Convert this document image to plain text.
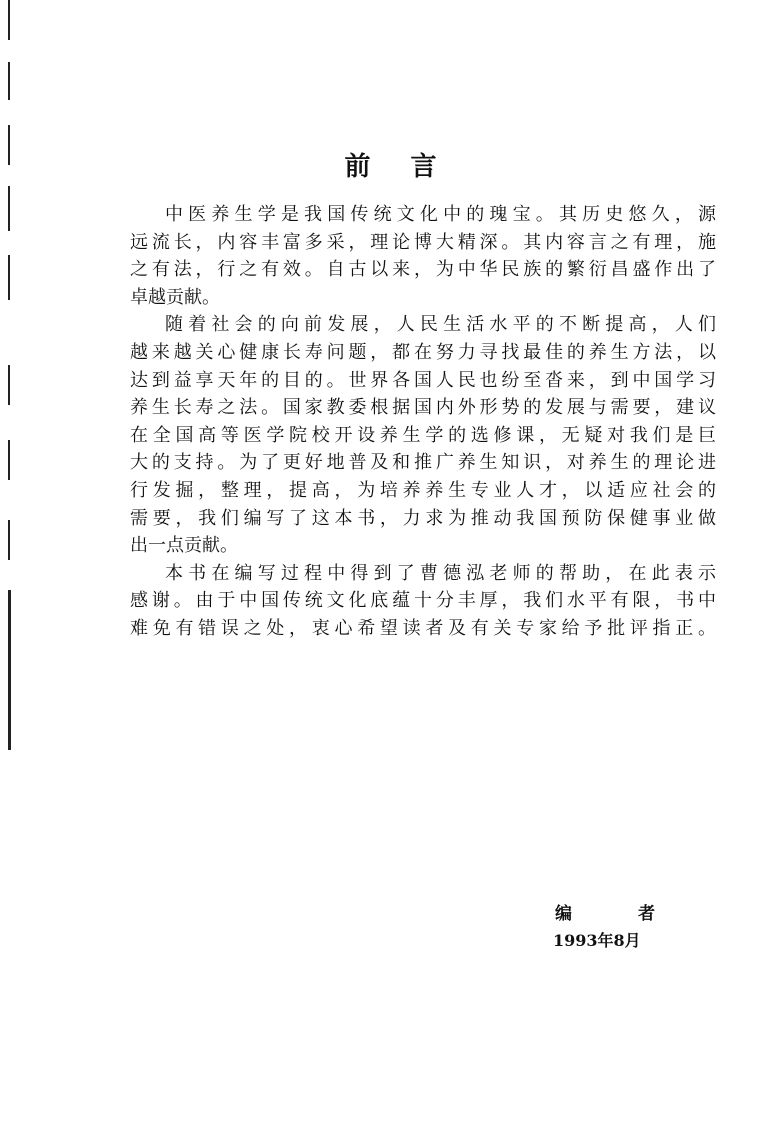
前言
中医养生学是我国传统文化中的瑰宝。其历史悠久，源
远流长，内容丰富多采，理论博大精深。其内容言之有理，施
之有法，行之有效。自古以来，为中华民族的繁衍昌盛作出了
卓越贡献。
随着社会的向前发展，人民生活水平的不断提高，人们
越来越关心健康长寿问题，都在努力寻找最佳的养生方法，以
达到益享天年的目的。世界各国人民也纷至沓来，到中国学习
养生长寿之法。国家教委根据国内外形势的发展与需要，建议
在全国高等医学院校开设养生学的选修课，无疑对我们是巨
大的支持。为了更好地普及和推广养生知识，对养生的理论进
行发掘，整理，提高，为培养养生专业人才，以适应社会的
需要，我们编写了这本书，力求为推动我国预防保健事业做
出一点贡献。
本书在编写过程中得到了曹德泓老师的帮助，在此表示
感谢。由于中国传统文化底蕴十分丰厚，我们水平有限，书中
难免有错误之处，衷心希望读者及有关专家给予批评指正。
编者
1993年8月
